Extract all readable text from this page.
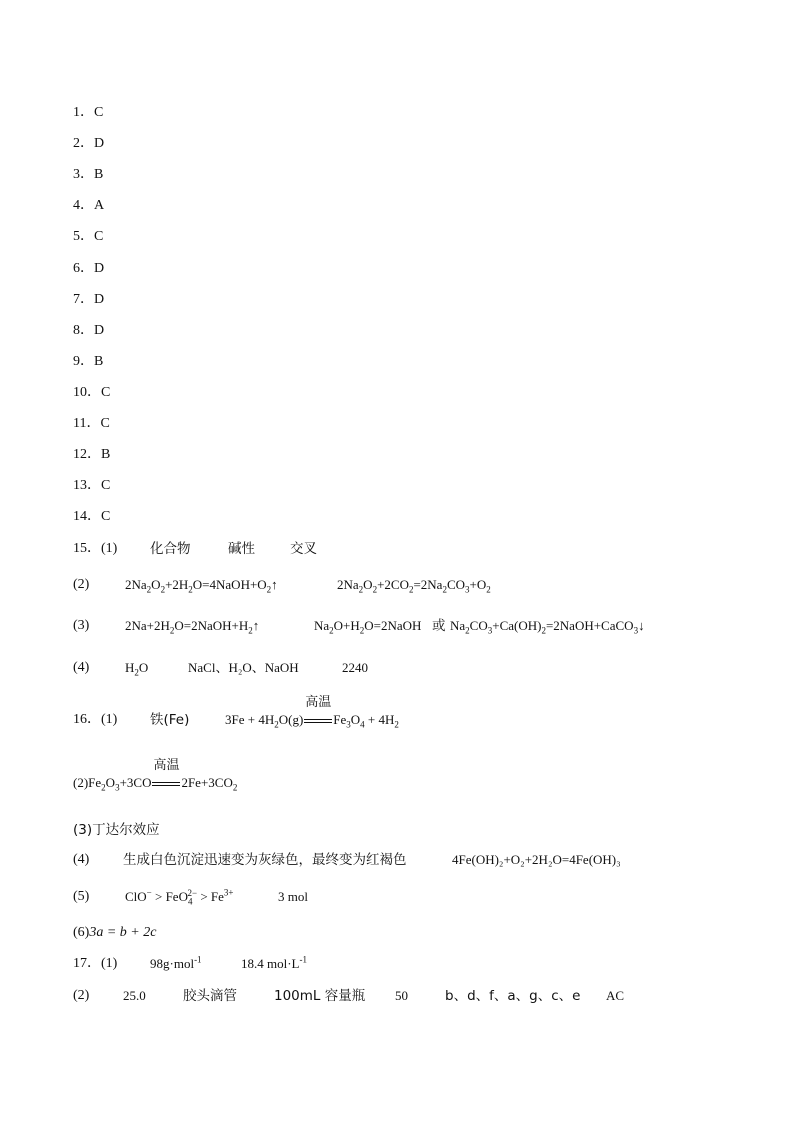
1．C
2．D
3．B
4．A
5．C
6．D
7．D
8．D
9．B
10．C
11．C
12．B
13．C
14．C
15．(1) 化合物	碱性	交叉
(2)	$2Na_2O_2+2H_2O=4NaOH+O_2↑$	$2Na_2O_2+2CO_2=2Na_2CO_3+O_2$
(3)	$2Na+2H_2O=2NaOH+H_2↑$	$Na_2O+H_2O=2NaOH$ 或 $Na_2CO_3+Ca(OH)_2=2NaOH+CaCO_3↓$
(4)	$H_2O$	NaCl、H₂O、NaOH	2240
16．(1) 铁(Fe)	$3Fe + 4H_2O(g)$
高温
$Fe_3O_4 + 4H_2$
$(2)Fe_2O_3+3CO$
高温
$2Fe+3CO_2$
(3)丁达尔效应
(4) 生成白色沉淀迅速变为灰绿色，最终变为红褐色	4Fe(OH)₂+O₂+2H₂O=4Fe(OH)₃
(5)	$ClO^- > FeO_4^{2-} > Fe^{3+}$	3 mol
(6)3a = b + 2c
17．(1)	98g·mol$^{-1}$	18.4 $mol\cdot L^{-1}$
(2)	25.0	胶头滴管	100mL 容量瓶 50	b、d、f、a、g、c、e AC
